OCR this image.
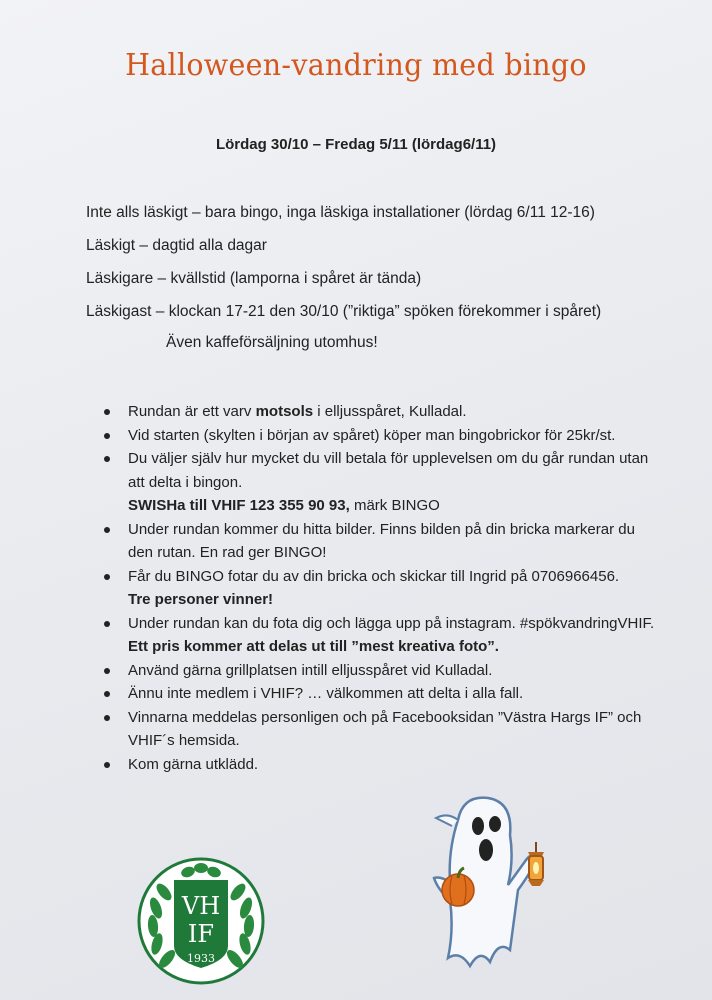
Halloween-vandring med bingo
Lördag 30/10 – Fredag 5/11 (lördag6/11)
Inte alls läskigt – bara bingo, inga läskiga installationer (lördag 6/11 12-16)
Läskigt – dagtid alla dagar
Läskigare – kvällstid (lamporna i spåret är tända)
Läskigast – klockan 17-21 den 30/10 (”riktiga” spöken förekommer i spåret)
Även kaffeförsäljning utomhus!
Rundan är ett varv motsols i elljusspåret, Kulladal.
Vid starten (skylten i början av spåret) köper man bingobrickor för 25kr/st.
Du väljer själv hur mycket du vill betala för upplevelsen om du går rundan utan att delta i bingon.
SWISHa till VHIF 123 355 90 93, märk BINGO
Under rundan kommer du hitta bilder. Finns bilden på din bricka markerar du den rutan. En rad ger BINGO!
Får du BINGO fotar du av din bricka och skickar till Ingrid på 0706966456.
Tre personer vinner!
Under rundan kan du fota dig och lägga upp på instagram. #spökvandringVHIF.
Ett pris kommer att delas ut till ”mest kreativa foto”.
Använd gärna grillplatsen intill elljusspåret vid Kulladal.
Ännu inte medlem i VHIF? … välkommen att delta i alla fall.
Vinnarna meddelas personligen och på Facebooksidan ”Västra Hargs IF” och VHIF´s hemsida.
Kom gärna utklädd.
VH
IF
1933
